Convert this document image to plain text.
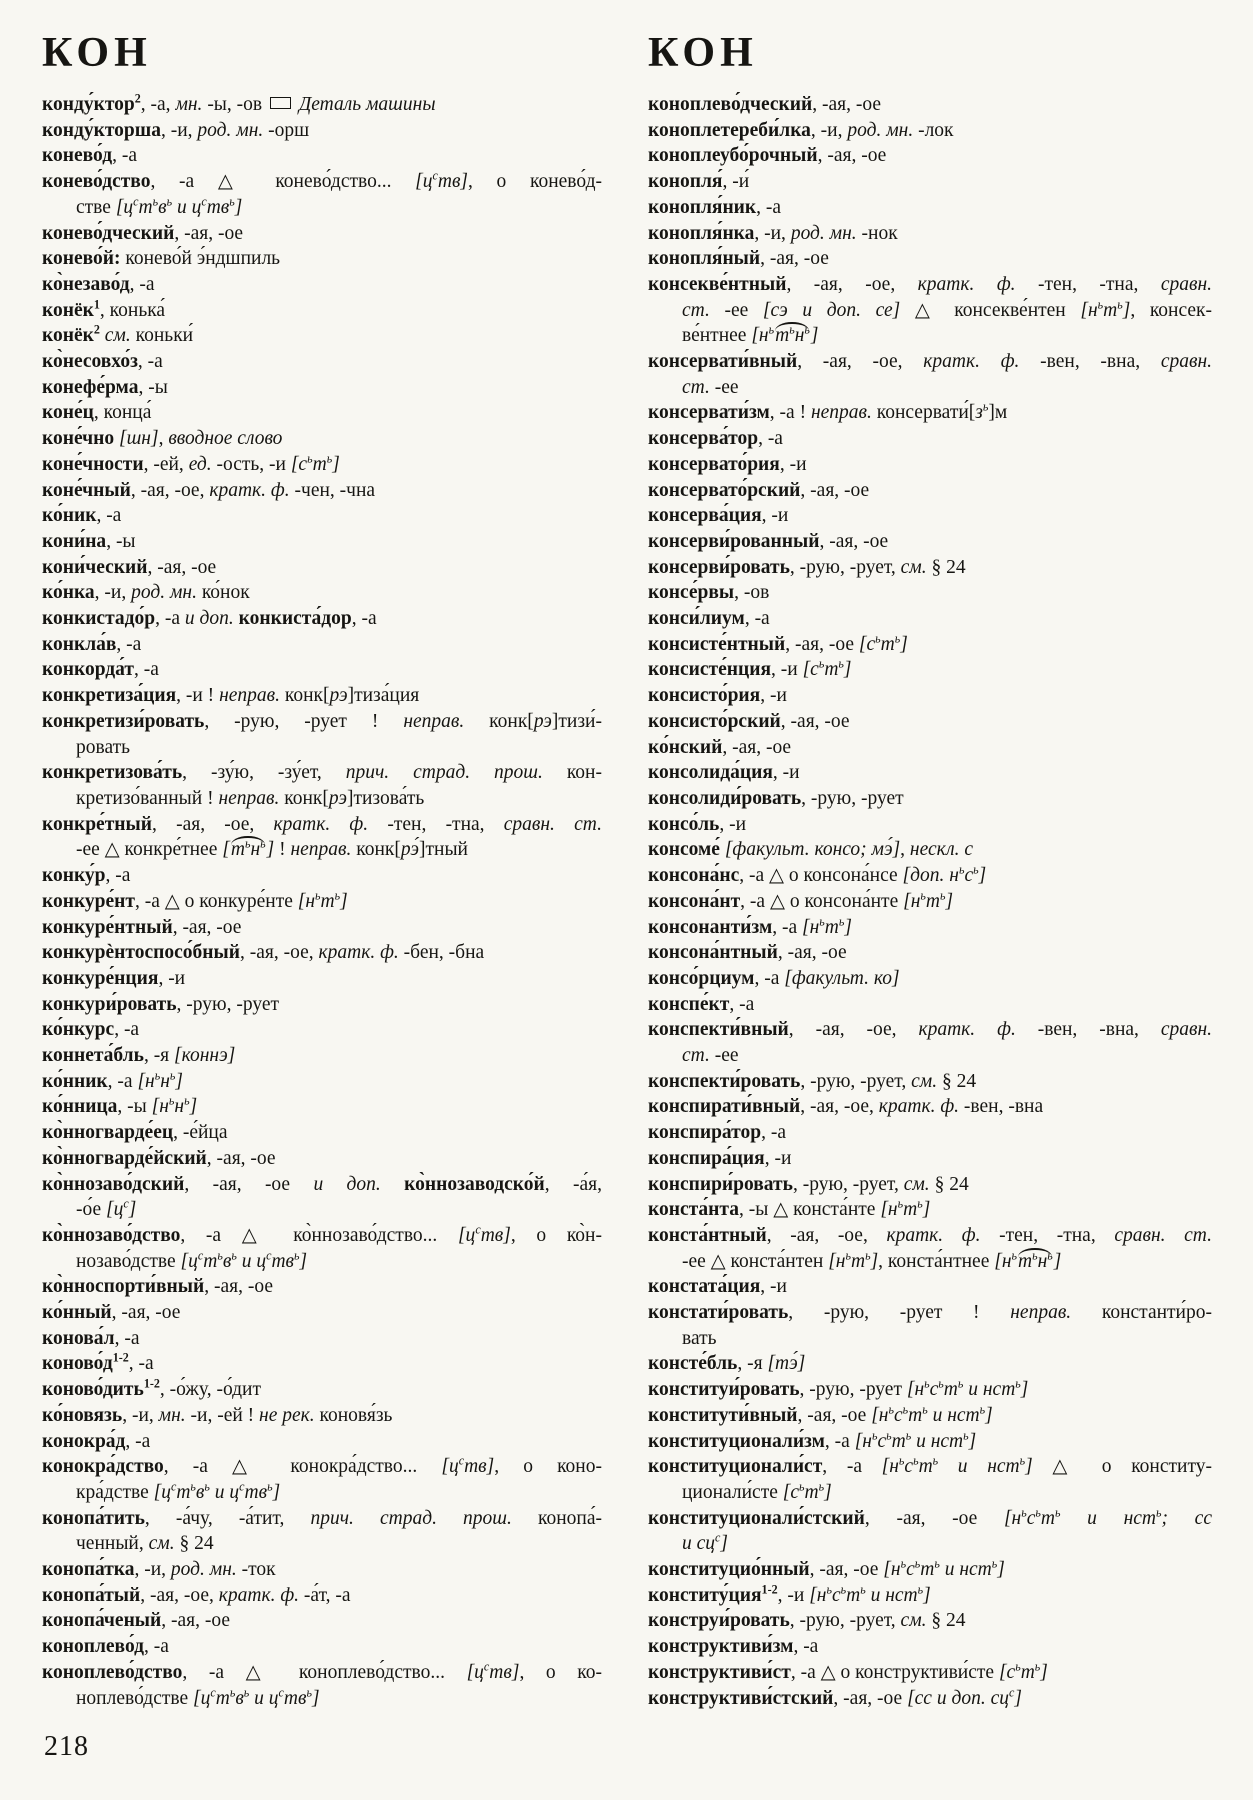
КОН
конду́ктор$^2$, -а, мн. -ы, -ов  Деталь машины
конду́кторша, -и, род. мн. -орш
конево́д, -а
конево́дство, -а △ конево́дство... $[ц^ств]$, о конево́д-
стве [$ц^ст^ьв^ь$ и $ц^ств^ь$]
конево́дческий, -ая, -ое
конево́й: конево́й э́ндшпиль
ко̀незаво́д, -а
конёк$^1$, конька́
конёк$^2$ см. коньки́
ко̀несовхо́з, -а
конефе́рма, -ы
коне́ц, конца́
коне́чно [шн], вводное слово
коне́чности, -ей, ед. -ость, -и $[с^ьт^ь]$
коне́чный, -ая, -ое, кратк. ф. -чен, -чна
ко́ник, -а
кони́на, -ы
кони́ческий, -ая, -ое
ко́нка, -и, род. мн. ко́нок
конкистадо́р, -а и доп. конкиста́дор, -а
конкла́в, -а
конкорда́т, -а
конкретиза́ция, -и ! неправ. конк[рэ]тиза́ция
конкретизи́ровать, -рую, -рует ! неправ. конк[рэ]тизи́-
ровать
конкретизова́ть, -зу́ю, -зу́ет, прич. страд. прош. кон-
кретизо́ванный ! неправ. конк[рэ]тизова́ть
конкре́тный, -ая, -ое, кратк. ф. -тен, -тна, сравн. ст.
-ее △ конкре́тнее $[т^ьн^ь]$ ! неправ. конк[рэ́]тный
конку́р, -а
конкуре́нт, -а △ о конкуре́нте $[н^ьт^ь]$
конкуре́нтный, -ая, -ое
конкурѐнтоспосо́бный, -ая, -ое, кратк. ф. -бен, -бна
конкуре́нция, -и
конкури́ровать, -рую, -рует
ко́нкурс, -а
коннета́бль, -я [коннэ]
ко́нник, -а $[н^ьн^ь]$
ко́нница, -ы $[н^ьн^ь]$
ко̀нногварде́ец, -е́йца
ко̀нногварде́йский, -ая, -ое
ко̀ннозаво́дский, -ая, -ое и доп. ко̀ннозаводско́й, -а́я,
-о́е $[ц^с]$
ко̀ннозаво́дство, -а △ ко̀ннозаво́дство... $[ц^ств]$, о ко̀н-
нозаво́дстве [$ц^ст^ьв^ь$ и $ц^ств^ь$]
ко̀нноспорти́вный, -ая, -ое
ко́нный, -ая, -ое
конова́л, -а
$коново́д^{1-2}$, -а
коново́дить$^{1-2}$, -о́жу, -о́дит
ко́новязь, -и, мн. -и, -ей ! не рек. коновя́зь
конокра́д, -а
конокра́дство, -а △ конокра́дство... $[ц^ств]$, о коно-
кра́дстве [$ц^ст^ьв^ь$ и $ц^ств^ь$]
конопа́тить, -а́чу, -а́тит, прич. страд. прош. конопа́-
ченный, см. § 24
конопа́тка, -и, род. мн. -ток
конопа́тый, -ая, -ое, кратк. ф. -а́т, -а
конопа́ченый, -ая, -ое
коноплево́д, -а
коноплево́дство, -а △ коноплево́дство... $[ц^ств]$, о ко-
ноплево́дстве [$ц^ст^ьв^ь$ и $ц^ств^ь$]
КОН
коноплево́дческий, -ая, -ое
коноплетереби́лка, -и, род. мн. -лок
коноплеубо́рочный, -ая, -ое
конопля́, -и́
конопля́ник, -а
конопля́нка, -и, род. мн. -нок
конопля́ный, -ая, -ое
консекве́нтный, -ая, -ое, кратк. ф. -тен, -тна, сравн.
ст. -ее [сэ и доп. се] △ консекве́нтен $[н^ьт^ь]$, консек-
ве́нтнее $[н^ьт^ьн^ь]$
консервати́вный, -ая, -ое, кратк. ф. -вен, -вна, сравн.
ст. -ее
консервати́зм, -а ! неправ. $консервати́[з^ь]м$
консерва́тор, -а
консервато́рия, -и
консервато́рский, -ая, -ое
консерва́ция, -и
консерви́рованный, -ая, -ое
консерви́ровать, -рую, -рует, см. § 24
консе́рвы, -ов
конси́лиум, -а
консисте́нтный, -ая, -ое $[с^ьт^ь]$
консисте́нция, -и $[с^ьт^ь]$
консисто́рия, -и
консисто́рский, -ая, -ое
ко́нский, -ая, -ое
консолида́ция, -и
консолиди́ровать, -рую, -рует
консо́ль, -и
консоме́ [факульт. консо; мэ́], нескл. с
консона́нс, -а △ о консона́нсе [доп. $н^ьс^ь$]
консона́нт, -а △ о консона́нте $[н^ьт^ь]$
консонанти́зм, -а $[н^ьт^ь]$
консона́нтный, -ая, -ое
консо́рциум, -а [факульт. ко]
конспе́кт, -а
конспекти́вный, -ая, -ое, кратк. ф. -вен, -вна, сравн.
ст. -ее
конспекти́ровать, -рую, -рует, см. § 24
конспирати́вный, -ая, -ое, кратк. ф. -вен, -вна
конспира́тор, -а
конспира́ция, -и
конспири́ровать, -рую, -рует, см. § 24
конста́нта, -ы △ конста́нте $[н^ьт^ь]$
конста́нтный, -ая, -ое, кратк. ф. -тен, -тна, сравн. ст.
-ее △ конста́нтен $[н^ьт^ь]$, конста́нтнее $[н^ьт^ьн^ь]$
констата́ция, -и
констати́ровать, -рую, -рует ! неправ. константи́ро-
вать
консте́бль, -я [тэ́]
конституи́ровать, -рую, -рует [$н^ьс^ьт^ь$ и нст$^ь$]
конститути́вный, -ая, -ое [$н^ьс^ьт^ь$ и нст$^ь$]
конституционали́зм, -а [$н^ьс^ьт^ь$ и нст$^ь$]
конституционали́ст, -а [$н^ьс^ьт^ь$ и нст$^ь$] △ о конститу-
ционали́сте $[с^ьт^ь]$
конституционали́стский, -ая, -ое [$н^ьс^ьт^ь$ и нст$^ь$; сс
и $сц^с$]
конституцио́нный, -ая, -ое [$н^ьс^ьт^ь$ и нст$^ь$]
конститу́ция$^{1-2}$, -и [$н^ьс^ьт^ь$ и нст$^ь$]
конструи́ровать, -рую, -рует, см. § 24
конструктиви́зм, -а
конструктиви́ст, -а △ о конструктиви́сте $[с^ьт^ь]$
конструктиви́стский, -ая, -ое [сс и доп. $сц^с$]
218
